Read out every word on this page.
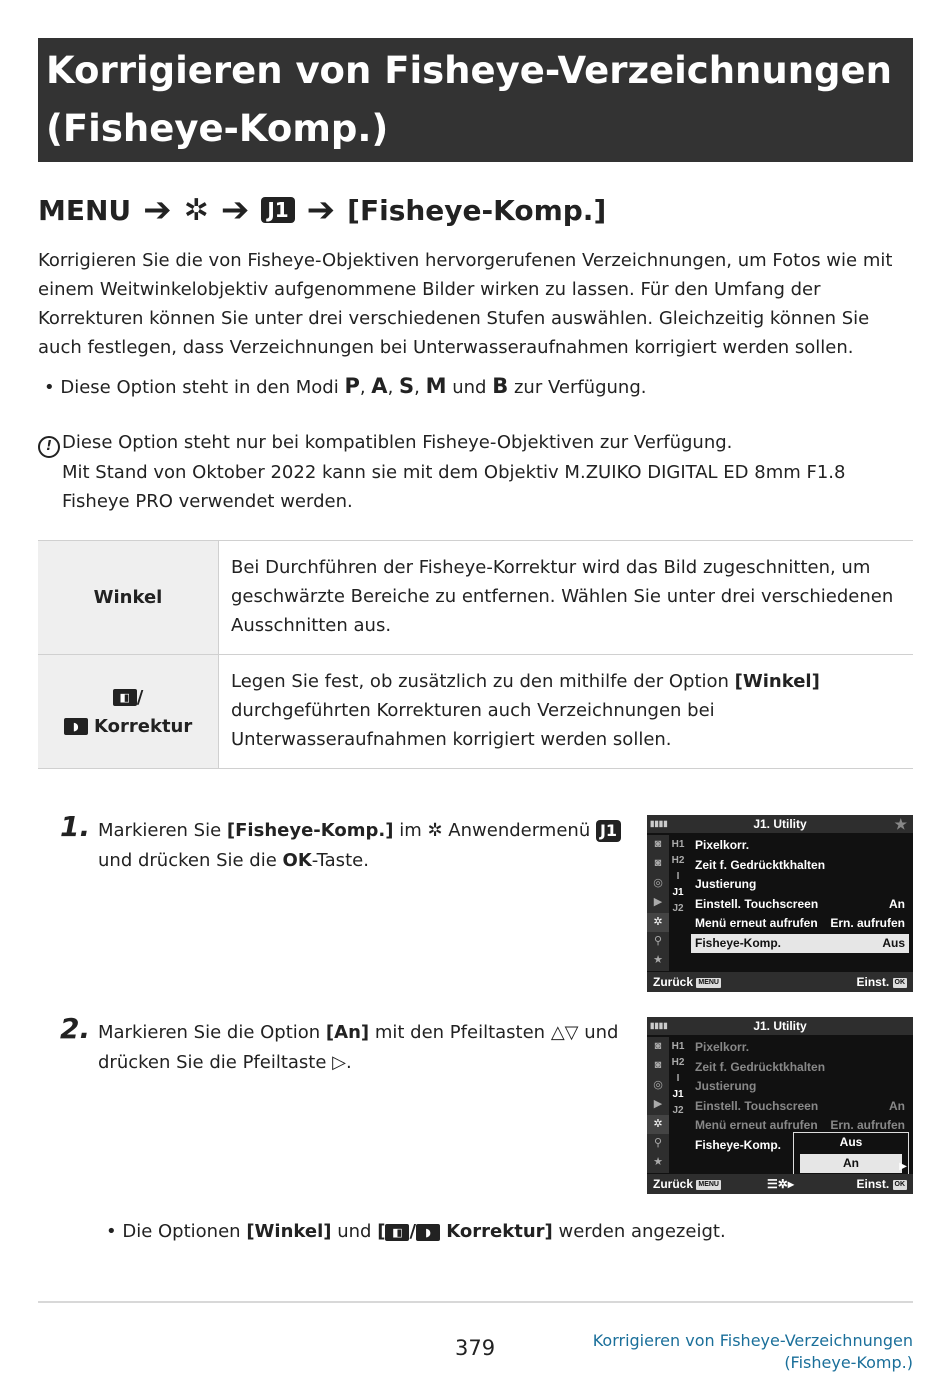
Korrigieren von Fisheye-Verzeichnungen
(Fisheye-Komp.)
MENU ➔ ✲ ➔ J1 ➔ [Fisheye-Komp.]

Korrigieren Sie die von Fisheye-Objektiven hervorgerufenen Verzeichnungen, um Fotos wie mit einem Weitwinkelobjektiv aufgenommene Bilder wirken zu lassen. Für den Umfang der Korrekturen können Sie unter drei verschiedenen Stufen auswählen. Gleichzeitig können Sie auch festlegen, dass Verzeichnungen bei Unterwasseraufnahmen korrigiert werden sollen.

• Diese Option steht in den Modi P, A, S, M und B zur Verfügung.
! Diese Option steht nur bei kompatiblen Fisheye-Objektiven zur Verfügung.
Mit Stand von Oktober 2022 kann sie mit dem Objektiv M.ZUIKO DIGITAL ED 8mm F1.8 Fisheye PRO verwendet werden.
Winkel	Bei Durchführen der Fisheye-Korrektur wird das Bild zugeschnitten, um geschwärzte Bereiche zu entfernen. Wählen Sie unter drei verschiedenen Ausschnitten aus.
◧ /
◗ Korrektur	Legen Sie fest, ob zusätzlich zu den mithilfe der Option [Winkel] durchgeführten Korrekturen auch Verzeichnungen bei Unterwasseraufnahmen korrigiert werden sollen.
1. Markieren Sie [Fisheye-Komp.] im ✲ Anwendermenü J1 und drücken Sie die OK-Taste.
▮▮▮▮	J1. Utility	★
◙
◙
◎
▶
✲
⚲
★
H1
H2
I
J1
J2
Pixelkorr.
Zeit f. Gedrücktkhalten
Justierung
Einstell. Touchscreen	An
Menü erneut aufrufen Ern. aufrufen
Fisheye-Komp.	Aus
Zurück MENU	Einst. OK
2. Markieren Sie die Option [An] mit den Pfeiltasten △▽ und drücken Sie die Pfeiltaste ▷.
▮▮▮▮	J1. Utility
◙
◙
◎
▶
✲
⚲
★
H1
H2
I
J1
J2
Pixelkorr.
Zeit f. Gedrücktkhalten
Justierung
Einstell. Touchscreen	An
Menü erneut aufrufen Ern. aufrufen
Fisheye-Komp.	Aus
An	▶
Zurück MENU	☰✲▸	Einst. OK
• Die Optionen [Winkel] und [ ◧ / ◗ Korrektur] werden angezeigt.
379	Korrigieren von Fisheye-Verzeichnungen
(Fisheye-Komp.)
